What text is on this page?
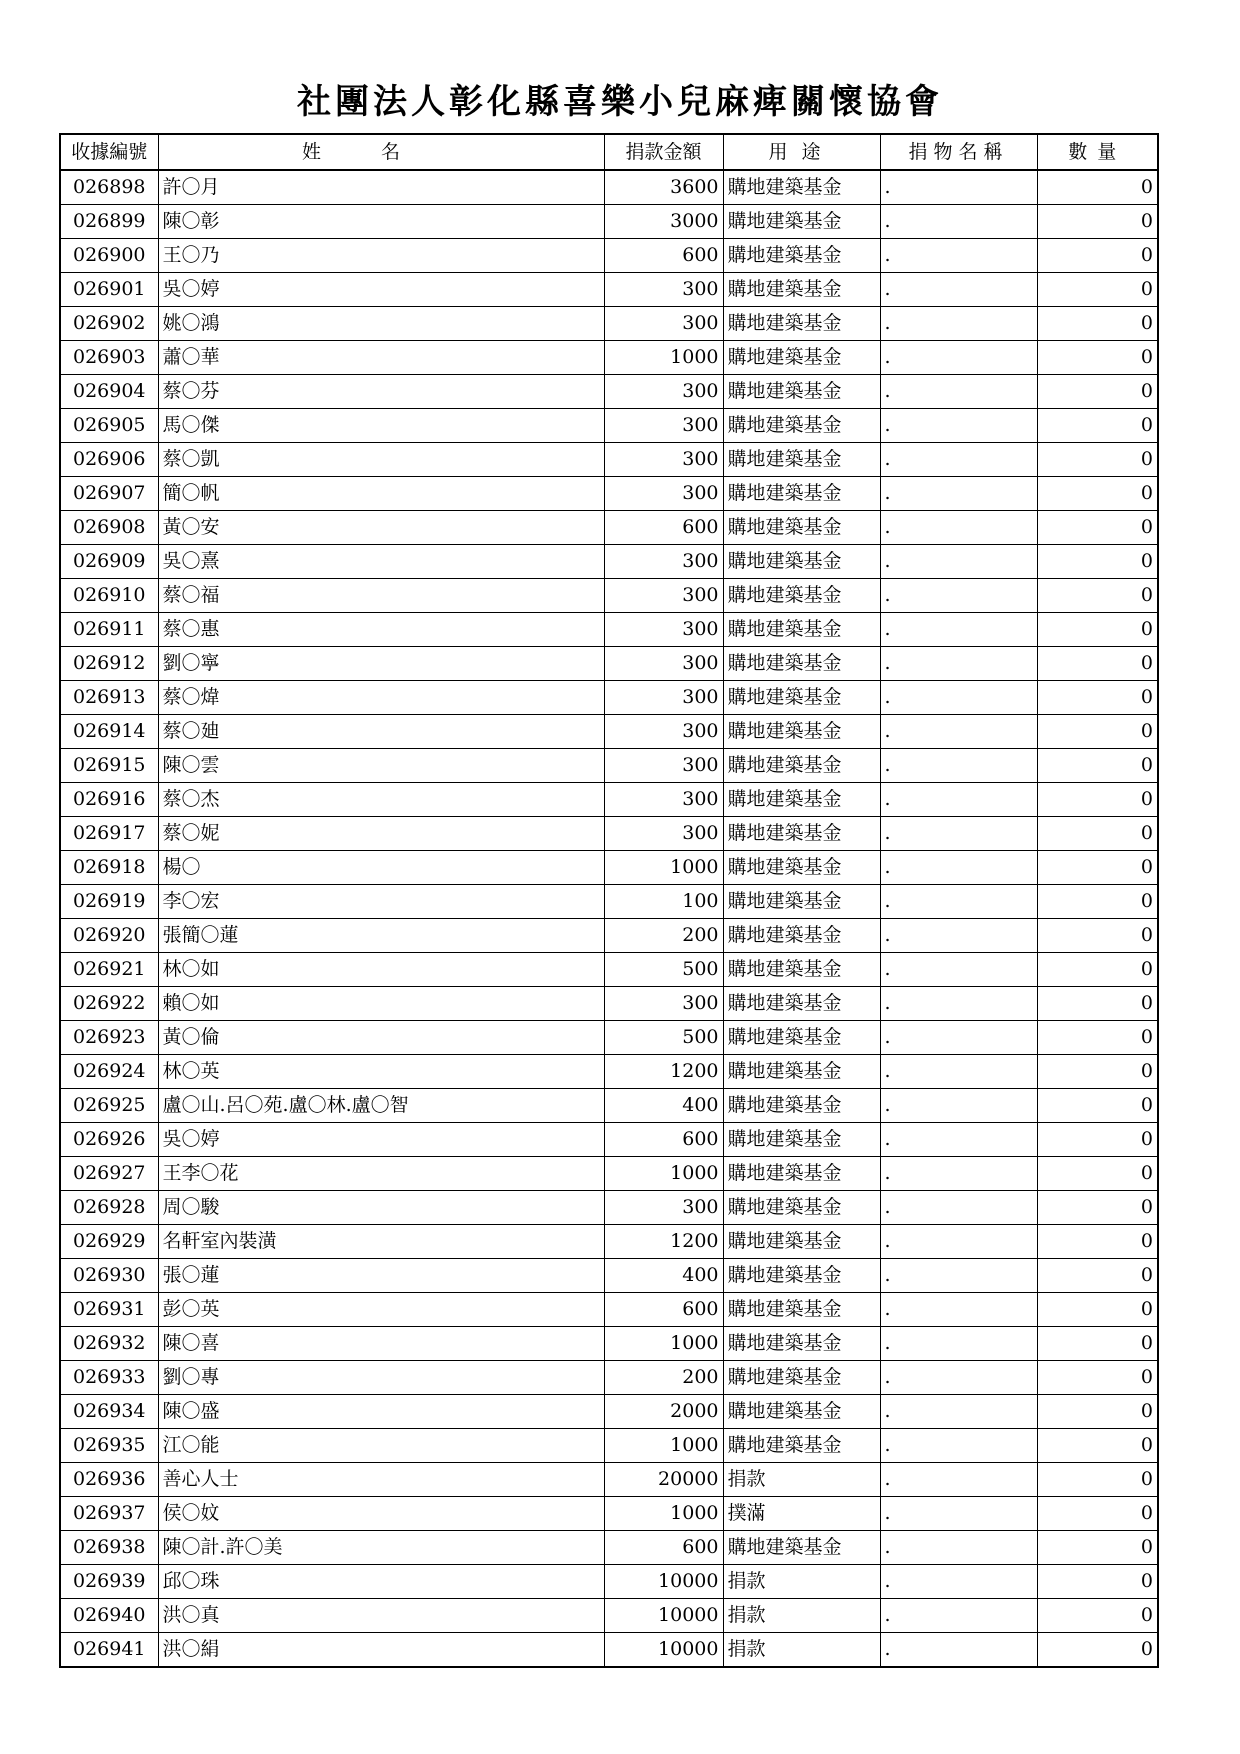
社團法人彰化縣喜樂小兒麻痺關懷協會
收據編號	姓名	捐款金額	用途	捐物名稱	數量
026898	許〇月	3600	購地建築基金	.	0
026899	陳〇彰	3000	購地建築基金	.	0
026900	王〇乃	600	購地建築基金	.	0
026901	吳〇婷	300	購地建築基金	.	0
026902	姚〇鴻	300	購地建築基金	.	0
026903	蕭〇華	1000	購地建築基金	.	0
026904	蔡〇芬	300	購地建築基金	.	0
026905	馬〇傑	300	購地建築基金	.	0
026906	蔡〇凱	300	購地建築基金	.	0
026907	簡〇帆	300	購地建築基金	.	0
026908	黃〇安	600	購地建築基金	.	0
026909	吳〇熹	300	購地建築基金	.	0
026910	蔡〇福	300	購地建築基金	.	0
026911	蔡〇惠	300	購地建築基金	.	0
026912	劉〇寧	300	購地建築基金	.	0
026913	蔡〇煒	300	購地建築基金	.	0
026914	蔡〇廸	300	購地建築基金	.	0
026915	陳〇雲	300	購地建築基金	.	0
026916	蔡〇杰	300	購地建築基金	.	0
026917	蔡〇妮	300	購地建築基金	.	0
026918	楊〇	1000	購地建築基金	.	0
026919	李〇宏	100	購地建築基金	.	0
026920	張簡〇蓮	200	購地建築基金	.	0
026921	林〇如	500	購地建築基金	.	0
026922	賴〇如	300	購地建築基金	.	0
026923	黃〇倫	500	購地建築基金	.	0
026924	林〇英	1200	購地建築基金	.	0
026925	盧〇山.呂〇苑.盧〇林.盧〇智	400	購地建築基金	.	0
026926	吳〇婷	600	購地建築基金	.	0
026927	王李〇花	1000	購地建築基金	.	0
026928	周〇駿	300	購地建築基金	.	0
026929	名軒室內裝潢	1200	購地建築基金	.	0
026930	張〇蓮	400	購地建築基金	.	0
026931	彭〇英	600	購地建築基金	.	0
026932	陳〇喜	1000	購地建築基金	.	0
026933	劉〇專	200	購地建築基金	.	0
026934	陳〇盛	2000	購地建築基金	.	0
026935	江〇能	1000	購地建築基金	.	0
026936	善心人士	20000	捐款	.	0
026937	侯〇妏	1000	撲滿	.	0
026938	陳〇計.許〇美	600	購地建築基金	.	0
026939	邱〇珠	10000	捐款	.	0
026940	洪〇真	10000	捐款	.	0
026941	洪〇絹	10000	捐款	.	0
